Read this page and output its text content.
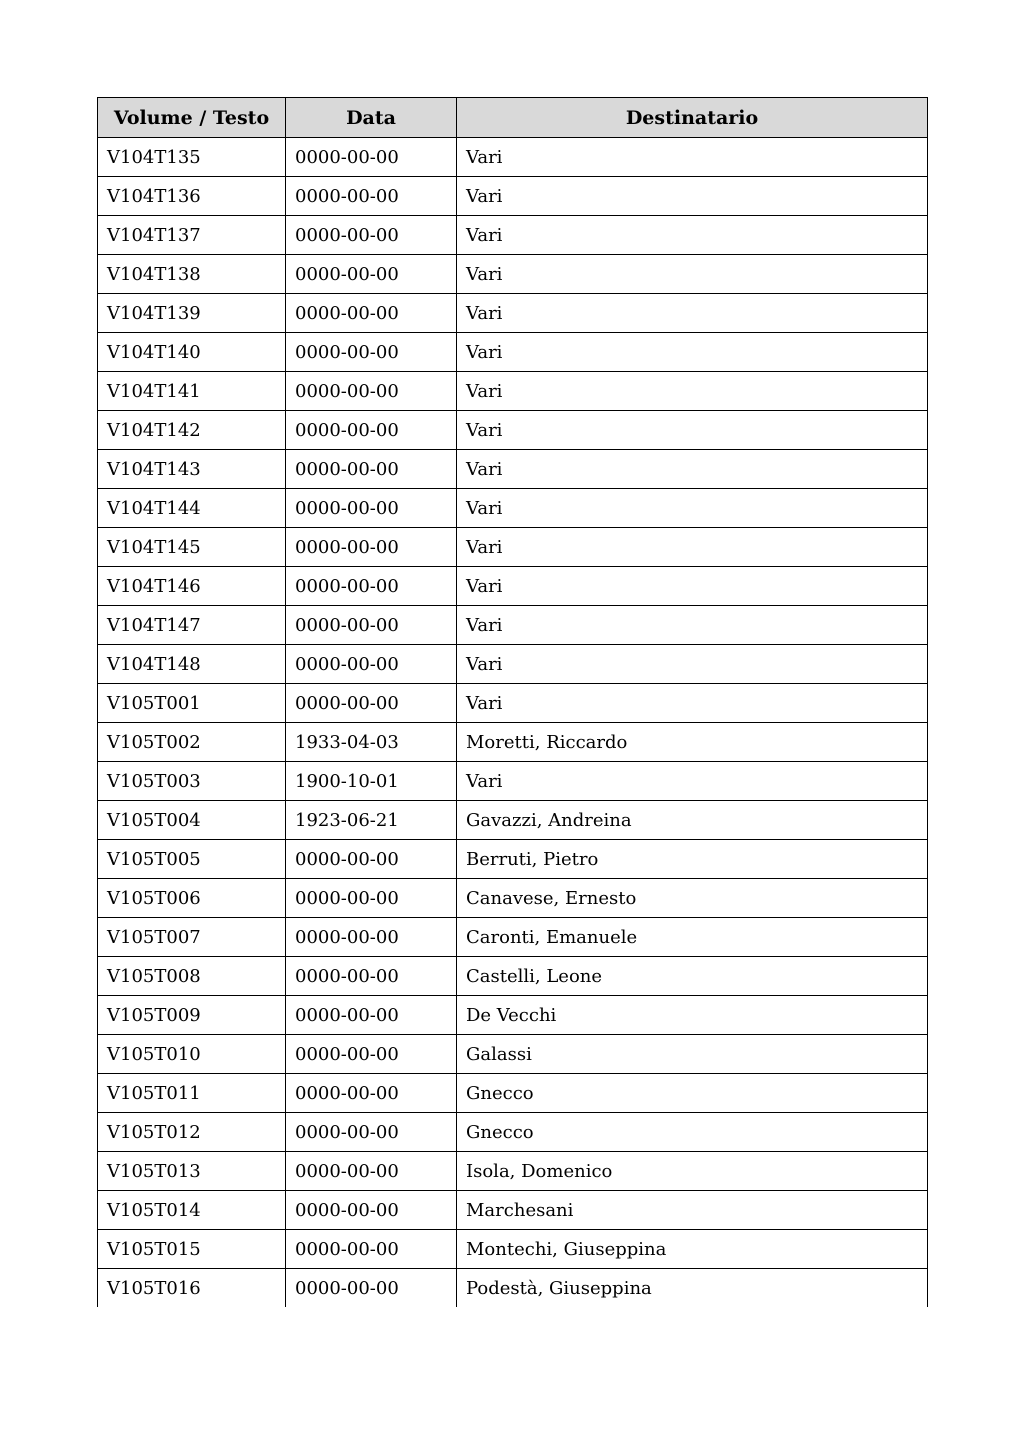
Volume / Testo	Data	Destinatario
V104T135	0000-00-00	Vari
V104T136	0000-00-00	Vari
V104T137	0000-00-00	Vari
V104T138	0000-00-00	Vari
V104T139	0000-00-00	Vari
V104T140	0000-00-00	Vari
V104T141	0000-00-00	Vari
V104T142	0000-00-00	Vari
V104T143	0000-00-00	Vari
V104T144	0000-00-00	Vari
V104T145	0000-00-00	Vari
V104T146	0000-00-00	Vari
V104T147	0000-00-00	Vari
V104T148	0000-00-00	Vari
V105T001	0000-00-00	Vari
V105T002	1933-04-03	Moretti, Riccardo
V105T003	1900-10-01	Vari
V105T004	1923-06-21	Gavazzi, Andreina
V105T005	0000-00-00	Berruti, Pietro
V105T006	0000-00-00	Canavese, Ernesto
V105T007	0000-00-00	Caronti, Emanuele
V105T008	0000-00-00	Castelli, Leone
V105T009	0000-00-00	De Vecchi
V105T010	0000-00-00	Galassi
V105T011	0000-00-00	Gnecco
V105T012	0000-00-00	Gnecco
V105T013	0000-00-00	Isola, Domenico
V105T014	0000-00-00	Marchesani
V105T015	0000-00-00	Montechi, Giuseppina
V105T016	0000-00-00	Podestà, Giuseppina
